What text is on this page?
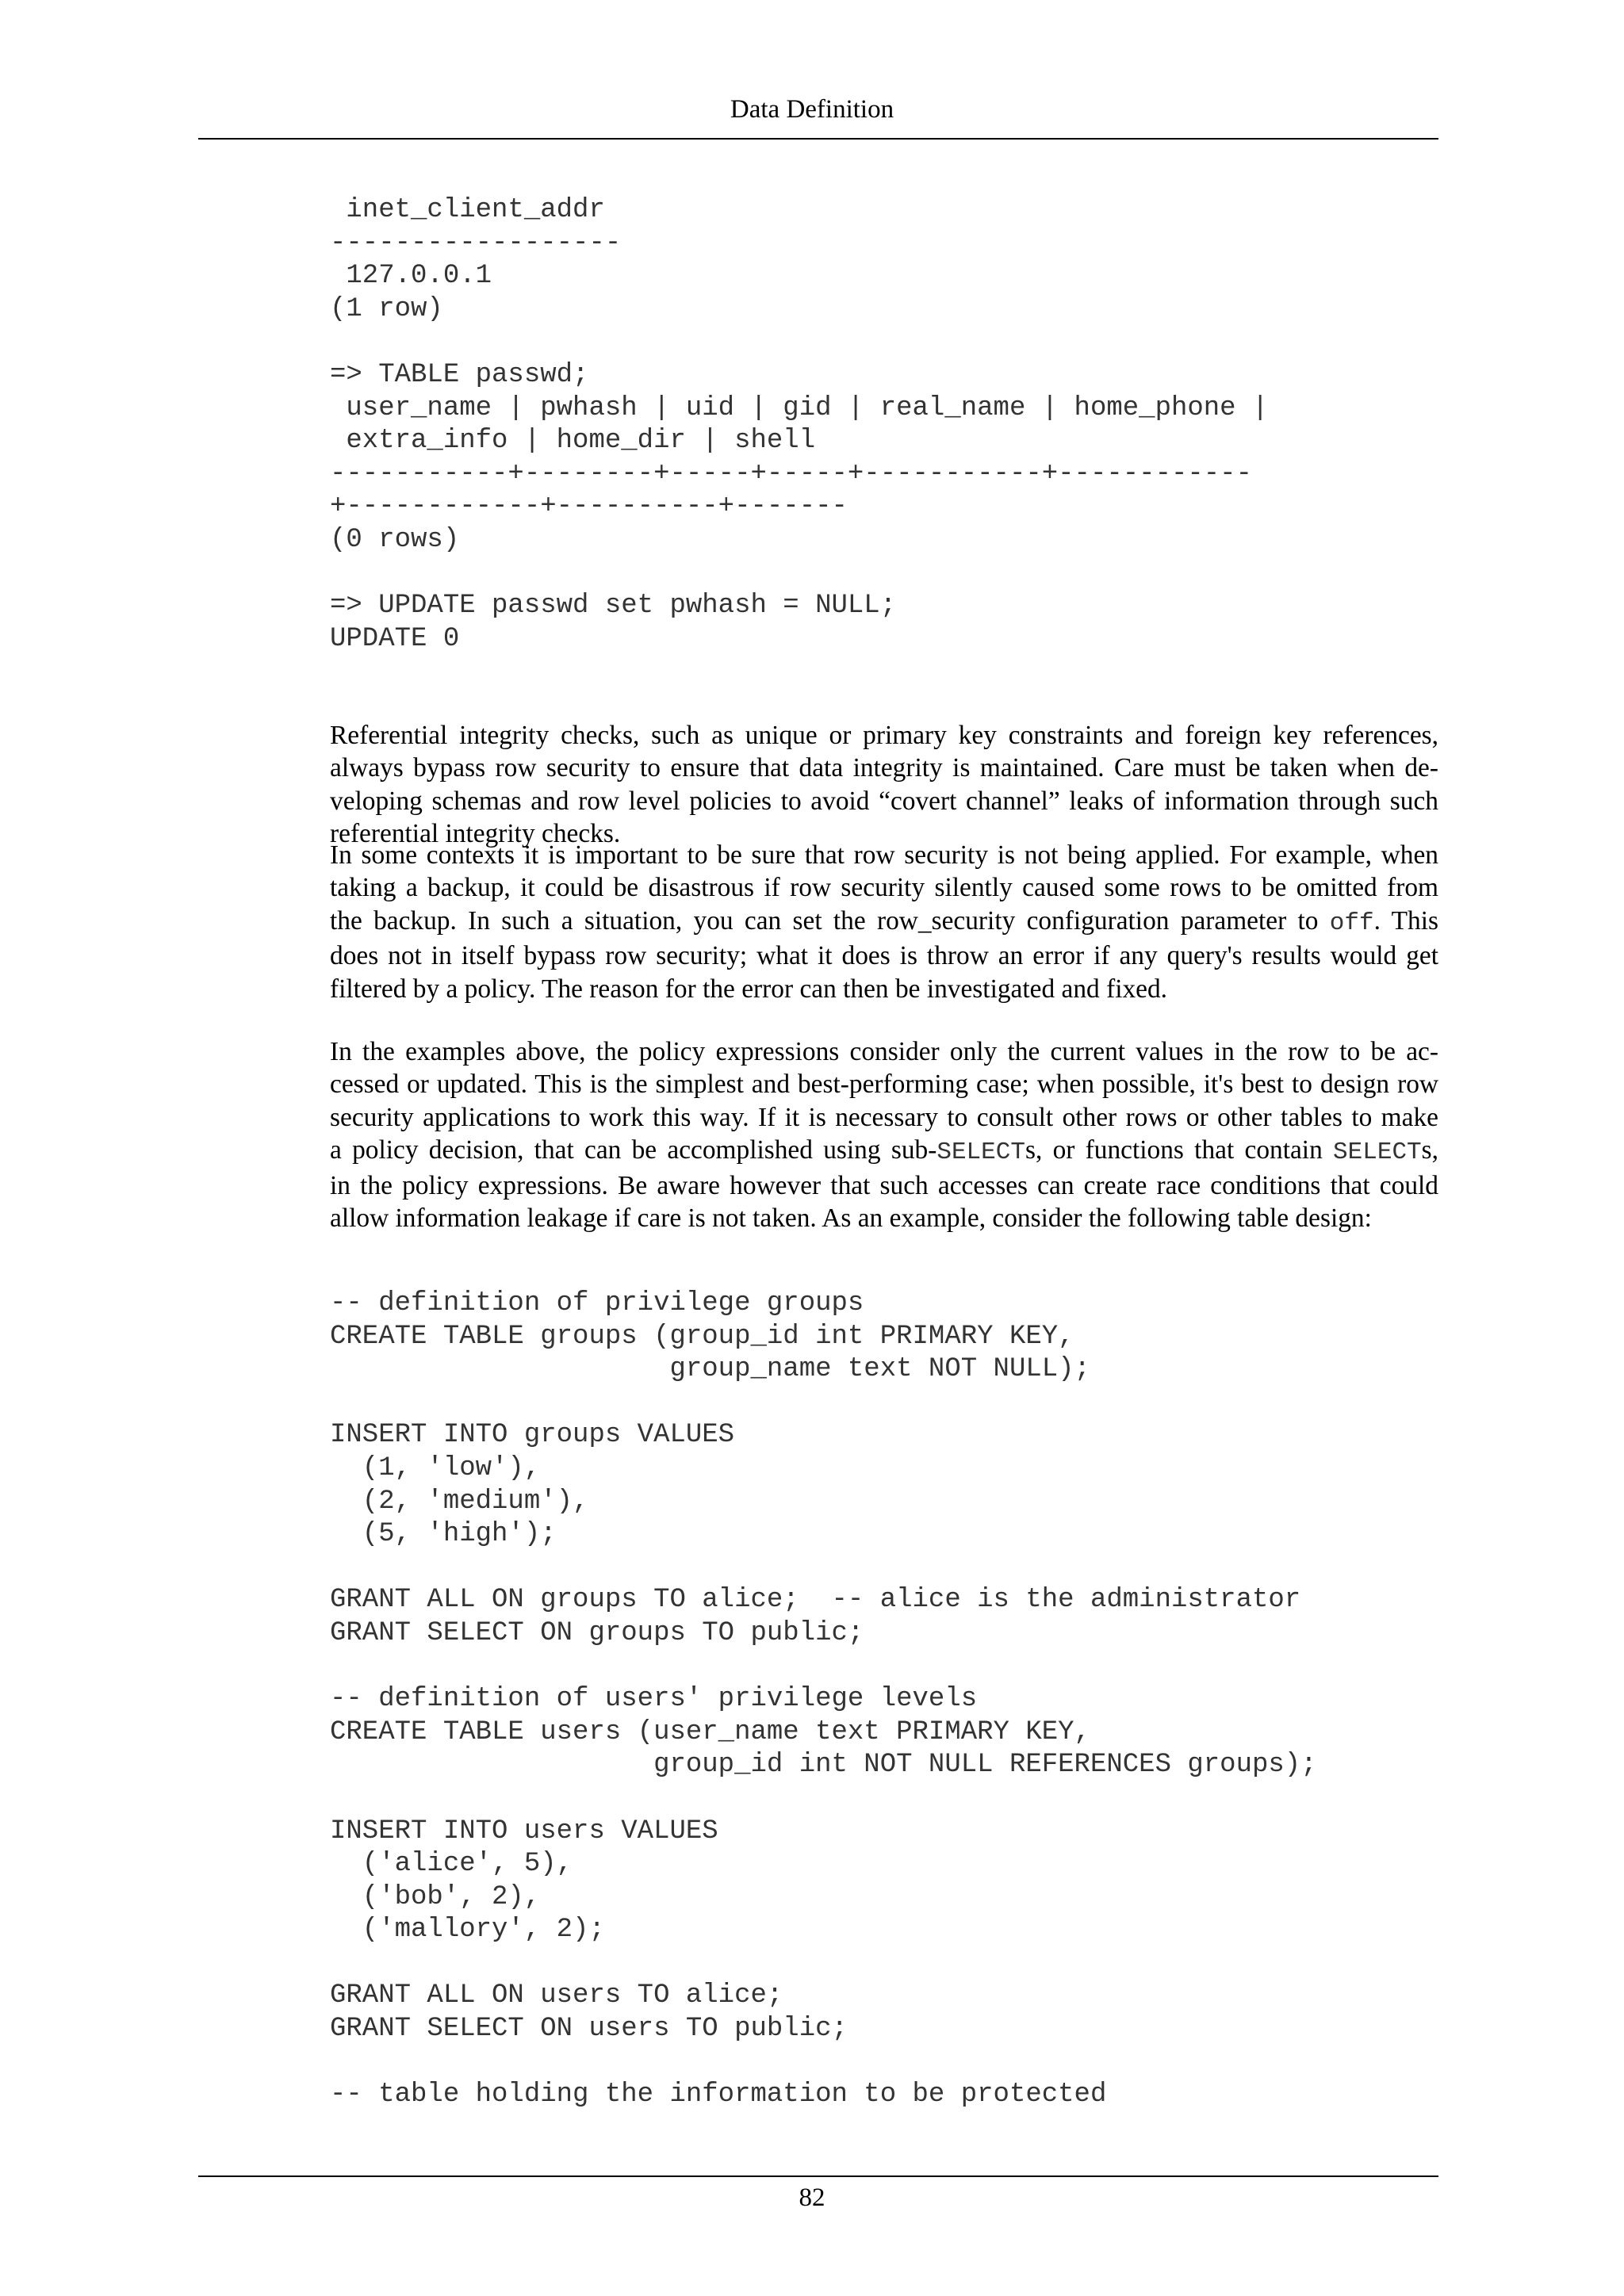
Data Definition
inet_client_addr
------------------
127.0.0.1
(1 row)

=> TABLE passwd;
user_name | pwhash | uid | gid | real_name | home_phone |
extra_info | home_dir | shell
-----------+--------+-----+-----+-----------+------------
+------------+----------+-------
(0 rows)

=> UPDATE passwd set pwhash = NULL;
UPDATE 0
Referential integrity checks, such as unique or primary key constraints and foreign key references,
always bypass row security to ensure that data integrity is maintained. Care must be taken when de-
veloping schemas and row level policies to avoid “covert channel” leaks of information through such
referential integrity checks.
In some contexts it is important to be sure that row security is not being applied. For example, when
taking a backup, it could be disastrous if row security silently caused some rows to be omitted from
the backup. In such a situation, you can set the row_security configuration parameter to off. This
does not in itself bypass row security; what it does is throw an error if any query's results would get
filtered by a policy. The reason for the error can then be investigated and fixed.
In the examples above, the policy expressions consider only the current values in the row to be ac-
cessed or updated. This is the simplest and best-performing case; when possible, it's best to design row
security applications to work this way. If it is necessary to consult other rows or other tables to make
a policy decision, that can be accomplished using sub-SELECTs, or functions that contain SELECTs,
in the policy expressions. Be aware however that such accesses can create race conditions that could
allow information leakage if care is not taken. As an example, consider the following table design:
-- definition of privilege groups
CREATE TABLE groups (group_id int PRIMARY KEY,
group_name text NOT NULL);

INSERT INTO groups VALUES
(1, 'low'),
(2, 'medium'),
(5, 'high');

GRANT ALL ON groups TO alice;  -- alice is the administrator
GRANT SELECT ON groups TO public;

-- definition of users' privilege levels
CREATE TABLE users (user_name text PRIMARY KEY,
group_id int NOT NULL REFERENCES groups);

INSERT INTO users VALUES
('alice', 5),
('bob', 2),
('mallory', 2);

GRANT ALL ON users TO alice;
GRANT SELECT ON users TO public;

-- table holding the information to be protected
82
